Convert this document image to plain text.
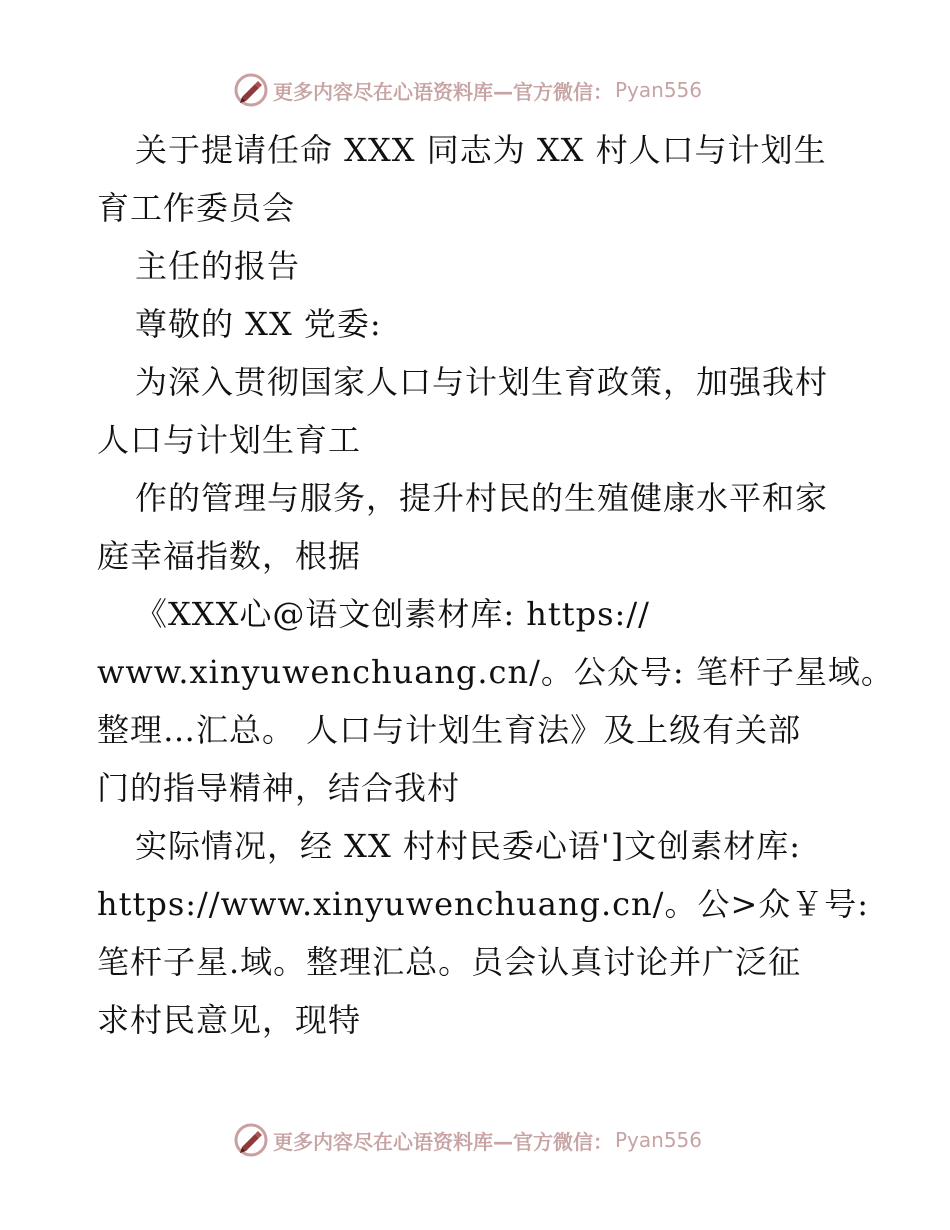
更多内容尽在心语资料库—官方微信： Pyan556
关于提请任命 XXX 同志为 XX 村人口与计划生
育工作委员会
主任的报告
尊敬的 XX 党委:
为深入贯彻国家人口与计划生育政策，加强我村
人口与计划生育工
作的管理与服务，提升村民的生殖健康水平和家
庭幸福指数，根据
《XXX心@语文创素材库: https://
www.xinyuwenchuang.cn/。公众号: 笔杆子星域。
整理…汇总。 人口与计划生育法》及上级有关部
门的指导精神，结合我村
实际情况，经 XX 村村民委心语']文创素材库:
https://www.xinyuwenchuang.cn/。公>众￥号:
笔杆子星.域。整理汇总。员会认真讨论并广泛征
求村民意见，现特
更多内容尽在心语资料库—官方微信： Pyan556
